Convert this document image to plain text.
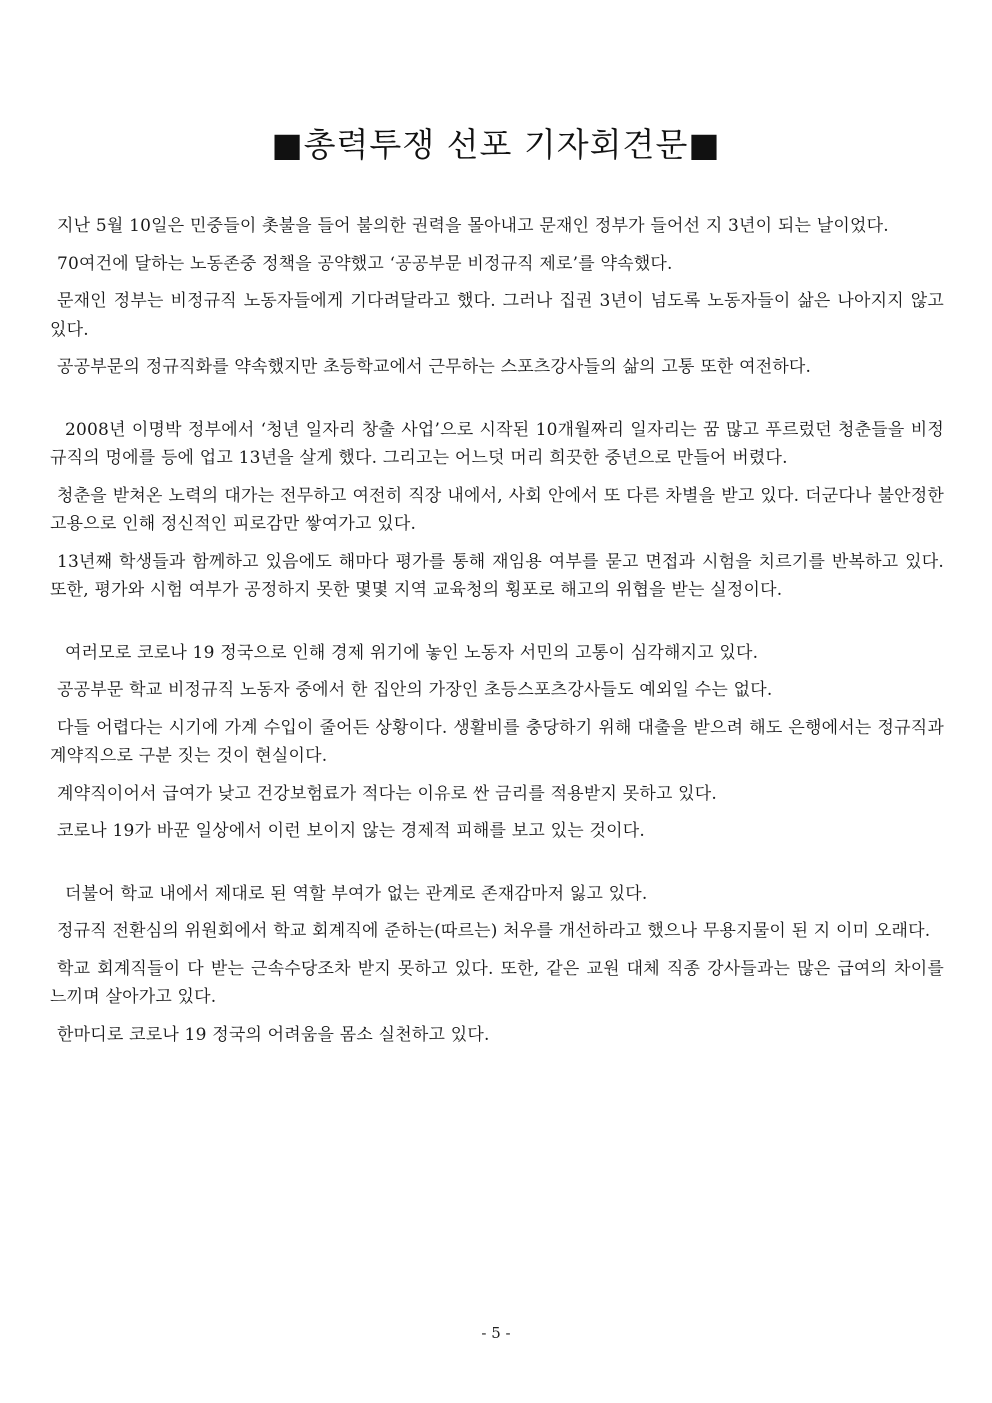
■총력투쟁 선포 기자회견문■

지난 5월 10일은 민중들이 촛불을 들어 불의한 권력을 몰아내고 문재인 정부가 들어선 지 3년이 되는 날이었다.

70여건에 달하는 노동존중 정책을 공약했고 ‘공공부문 비정규직 제로’를 약속했다.

문재인 정부는 비정규직 노동자들에게 기다려달라고 했다. 그러나 집권 3년이 넘도록 노동자들이 삶은 나아지지 않고 있다.

공공부문의 정규직화를 약속했지만 초등학교에서 근무하는 스포츠강사들의 삶의 고통 또한 여전하다.

2008년 이명박 정부에서 ‘청년 일자리 창출 사업’으로 시작된 10개월짜리 일자리는 꿈 많고 푸르렀던 청춘들을 비정규직의 멍에를 등에 업고 13년을 살게 했다. 그리고는 어느덧 머리 희끗한 중년으로 만들어 버렸다.

청춘을 받쳐온 노력의 대가는 전무하고 여전히 직장 내에서, 사회 안에서 또 다른 차별을 받고 있다. 더군다나 불안정한 고용으로 인해 정신적인 피로감만 쌓여가고 있다.

13년째 학생들과 함께하고 있음에도 해마다 평가를 통해 재임용 여부를 묻고 면접과 시험을 치르기를 반복하고 있다. 또한, 평가와 시험 여부가 공정하지 못한 몇몇 지역 교육청의 횡포로 해고의 위협을 받는 실정이다.

여러모로 코로나 19 정국으로 인해 경제 위기에 놓인 노동자 서민의 고통이 심각해지고 있다.

공공부문 학교 비정규직 노동자 중에서 한 집안의 가장인 초등스포츠강사들도 예외일 수는 없다.

다들 어렵다는 시기에 가계 수입이 줄어든 상황이다. 생활비를 충당하기 위해 대출을 받으려 해도 은행에서는 정규직과 계약직으로 구분 짓는 것이 현실이다.

계약직이어서 급여가 낮고 건강보험료가 적다는 이유로 싼 금리를 적용받지 못하고 있다.

코로나 19가 바꾼 일상에서 이런 보이지 않는 경제적 피해를 보고 있는 것이다.

더불어 학교 내에서 제대로 된 역할 부여가 없는 관계로 존재감마저 잃고 있다.

정규직 전환심의 위원회에서 학교 회계직에 준하는(따르는) 처우를 개선하라고 했으나 무용지물이 된 지 이미 오래다.

학교 회계직들이 다 받는 근속수당조차 받지 못하고 있다. 또한, 같은 교원 대체 직종 강사들과는 많은 급여의 차이를 느끼며 살아가고 있다.

한마디로 코로나 19 정국의 어려움을 몸소 실천하고 있다.

- 5 -
